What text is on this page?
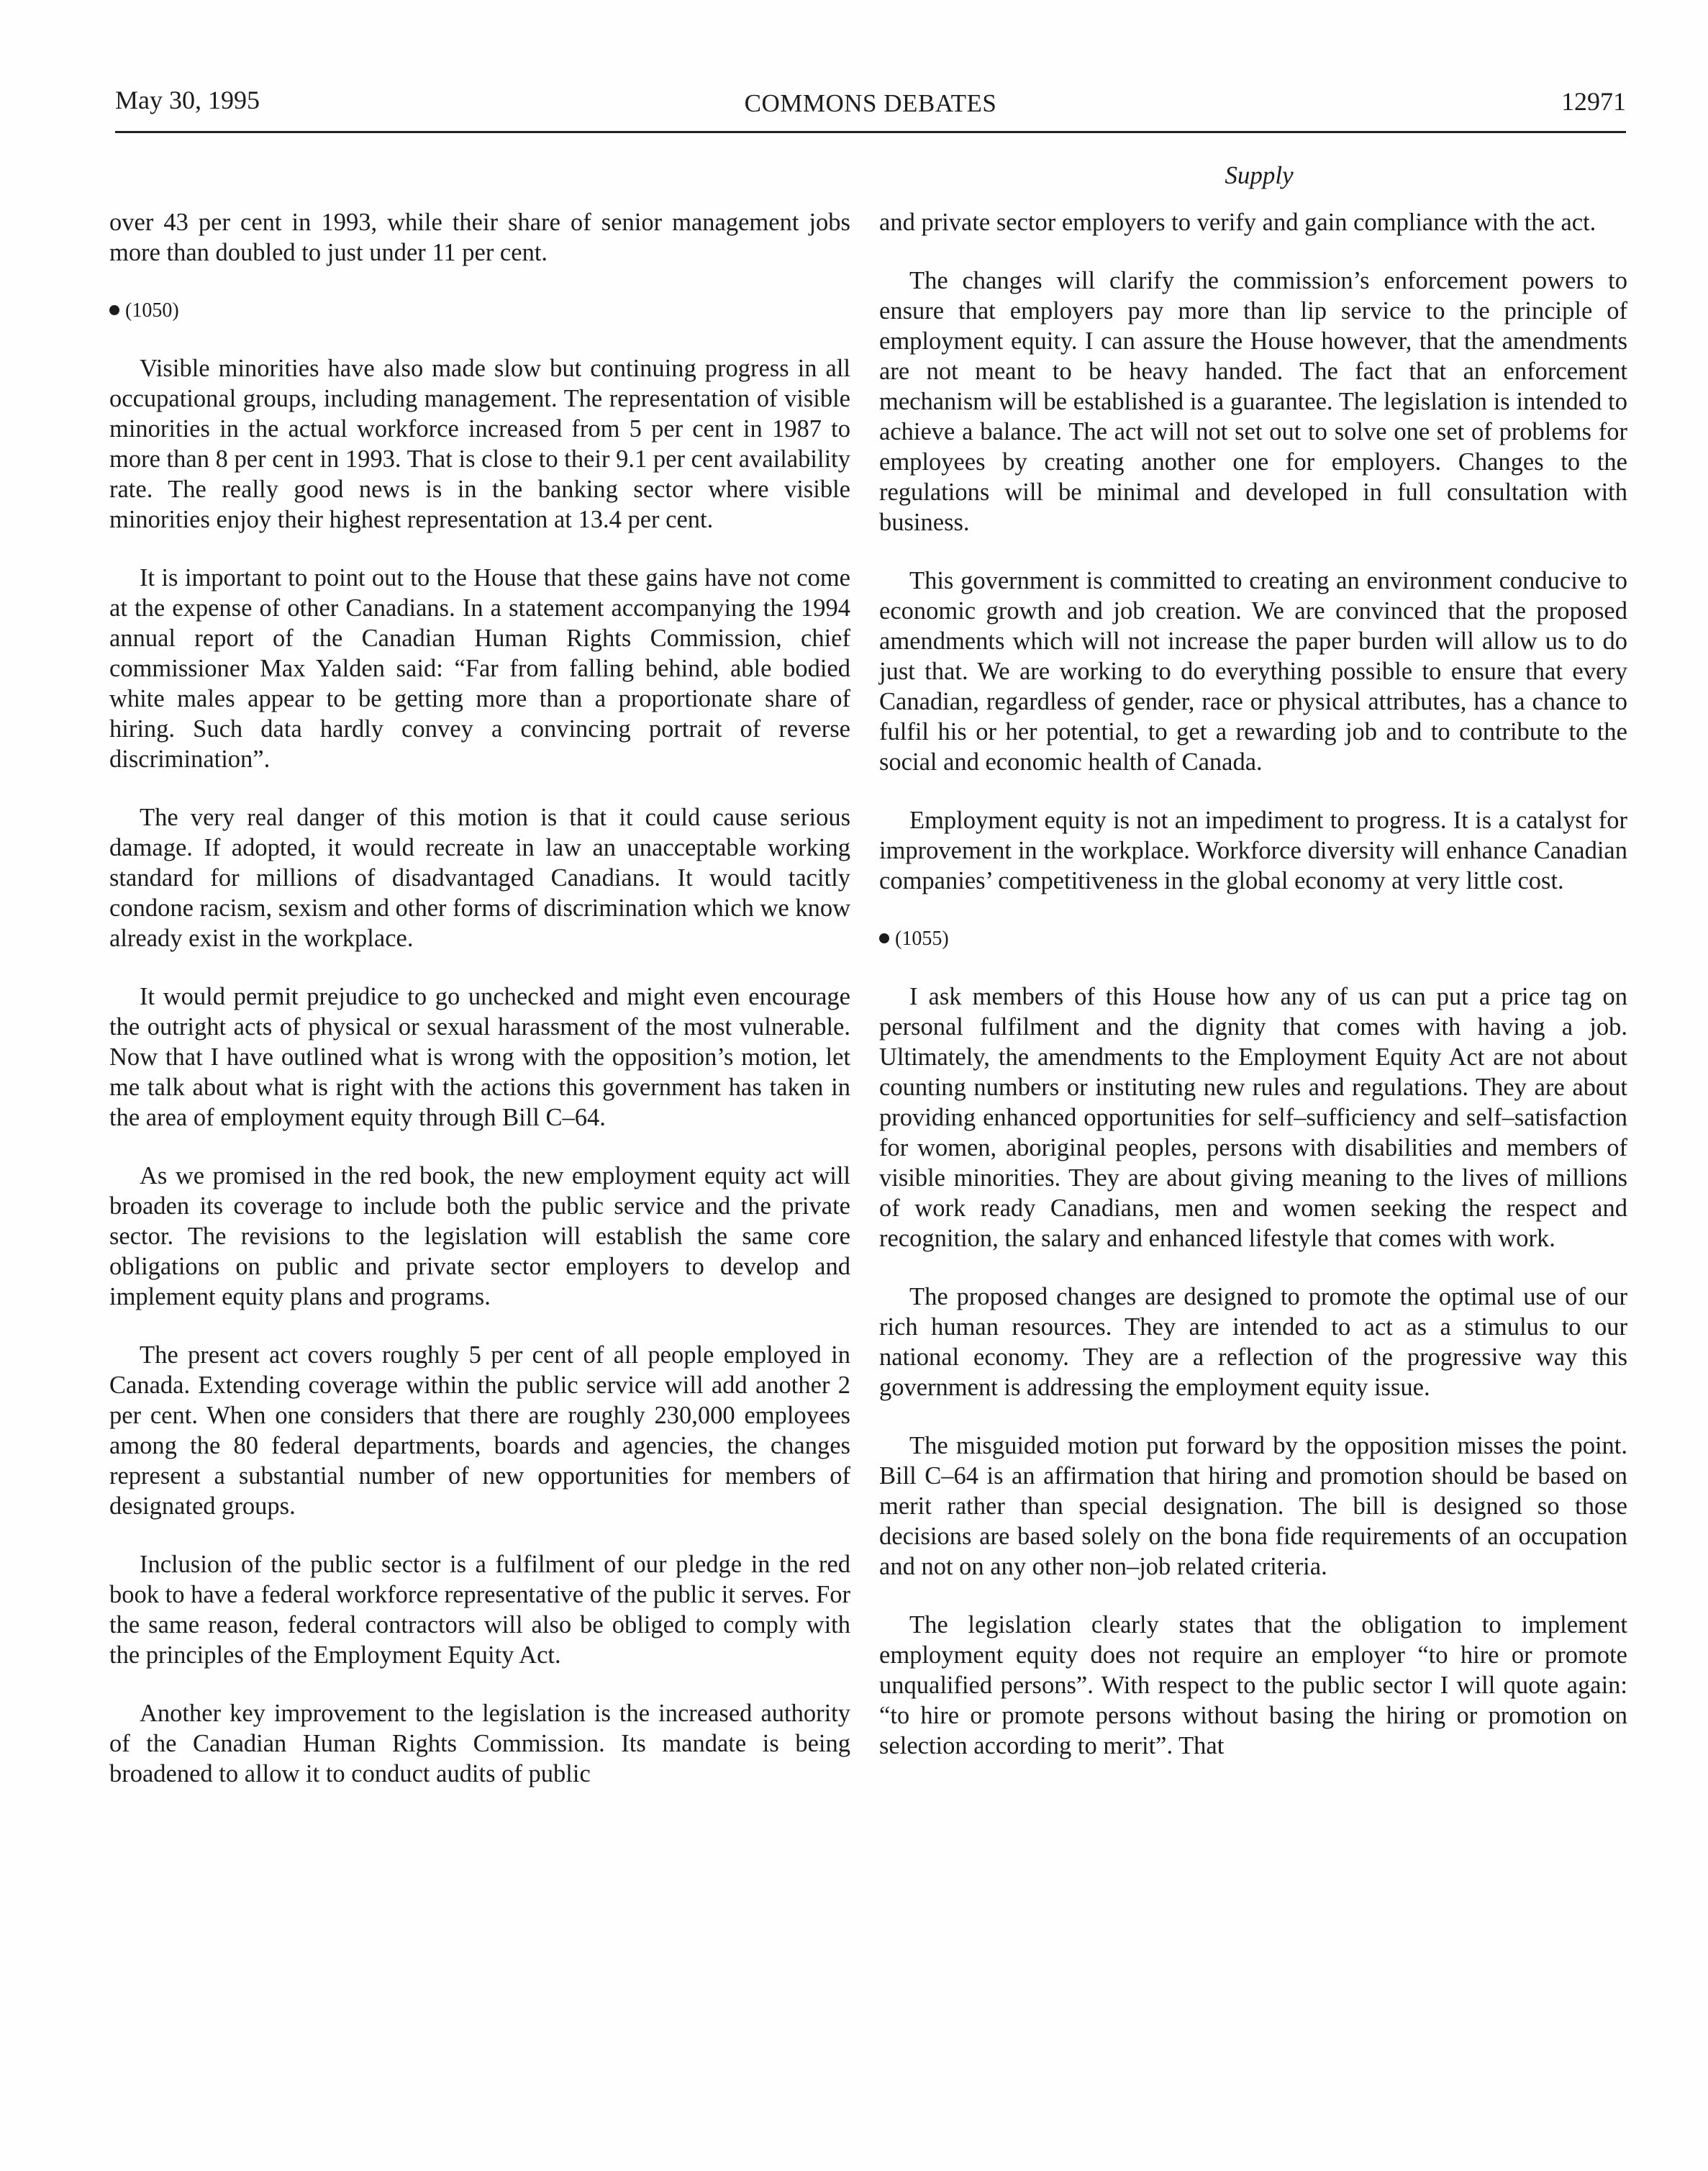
May 30, 1995	COMMONS DEBATES	12971
Supply

over 43 per cent in 1993, while their share of senior management jobs more than doubled to just under 11 per cent.

(1050)

Visible minorities have also made slow but continuing progress in all occupational groups, including management. The representation of visible minorities in the actual workforce increased from 5 per cent in 1987 to more than 8 per cent in 1993. That is close to their 9.1 per cent availability rate. The really good news is in the banking sector where visible minorities enjoy their highest representation at 13.4 per cent.

It is important to point out to the House that these gains have not come at the expense of other Canadians. In a statement accompanying the 1994 annual report of the Canadian Human Rights Commission, chief commissioner Max Yalden said: “Far from falling behind, able bodied white males appear to be getting more than a proportionate share of hiring. Such data hardly convey a convincing portrait of reverse discrimination”.

The very real danger of this motion is that it could cause serious damage. If adopted, it would recreate in law an unacceptable working standard for millions of disadvantaged Canadians. It would tacitly condone racism, sexism and other forms of discrimination which we know already exist in the workplace.

It would permit prejudice to go unchecked and might even encourage the outright acts of physical or sexual harassment of the most vulnerable. Now that I have outlined what is wrong with the opposition’s motion, let me talk about what is right with the actions this government has taken in the area of employment equity through Bill C–64.

As we promised in the red book, the new employment equity act will broaden its coverage to include both the public service and the private sector. The revisions to the legislation will establish the same core obligations on public and private sector employers to develop and implement equity plans and programs.

The present act covers roughly 5 per cent of all people employed in Canada. Extending coverage within the public service will add another 2 per cent. When one considers that there are roughly 230,000 employees among the 80 federal departments, boards and agencies, the changes represent a substantial number of new opportunities for members of designated groups.

Inclusion of the public sector is a fulfilment of our pledge in the red book to have a federal workforce representative of the public it serves. For the same reason, federal contractors will also be obliged to comply with the principles of the Employment Equity Act.

Another key improvement to the legislation is the increased authority of the Canadian Human Rights Commission. Its mandate is being broadened to allow it to conduct audits of public

and private sector employers to verify and gain compliance with the act.

The changes will clarify the commission’s enforcement powers to ensure that employers pay more than lip service to the principle of employment equity. I can assure the House however, that the amendments are not meant to be heavy handed. The fact that an enforcement mechanism will be established is a guarantee. The legislation is intended to achieve a balance. The act will not set out to solve one set of problems for employees by creating another one for employers. Changes to the regulations will be minimal and developed in full consultation with business.

This government is committed to creating an environment conducive to economic growth and job creation. We are convinced that the proposed amendments which will not increase the paper burden will allow us to do just that. We are working to do everything possible to ensure that every Canadian, regardless of gender, race or physical attributes, has a chance to fulfil his or her potential, to get a rewarding job and to contribute to the social and economic health of Canada.

Employment equity is not an impediment to progress. It is a catalyst for improvement in the workplace. Workforce diversity will enhance Canadian companies’ competitiveness in the global economy at very little cost.

(1055)

I ask members of this House how any of us can put a price tag on personal fulfilment and the dignity that comes with having a job. Ultimately, the amendments to the Employment Equity Act are not about counting numbers or instituting new rules and regulations. They are about providing enhanced opportunities for self–sufficiency and self–satisfaction for women, aboriginal peoples, persons with disabilities and members of visible minorities. They are about giving meaning to the lives of millions of work ready Canadians, men and women seeking the respect and recognition, the salary and enhanced lifestyle that comes with work.

The proposed changes are designed to promote the optimal use of our rich human resources. They are intended to act as a stimulus to our national economy. They are a reflection of the progressive way this government is addressing the employment equity issue.

The misguided motion put forward by the opposition misses the point. Bill C–64 is an affirmation that hiring and promotion should be based on merit rather than special designation. The bill is designed so those decisions are based solely on the bona fide requirements of an occupation and not on any other non–job related criteria.

The legislation clearly states that the obligation to implement employment equity does not require an employer “to hire or promote unqualified persons”. With respect to the public sector I will quote again: “to hire or promote persons without basing the hiring or promotion on selection according to merit”. That
